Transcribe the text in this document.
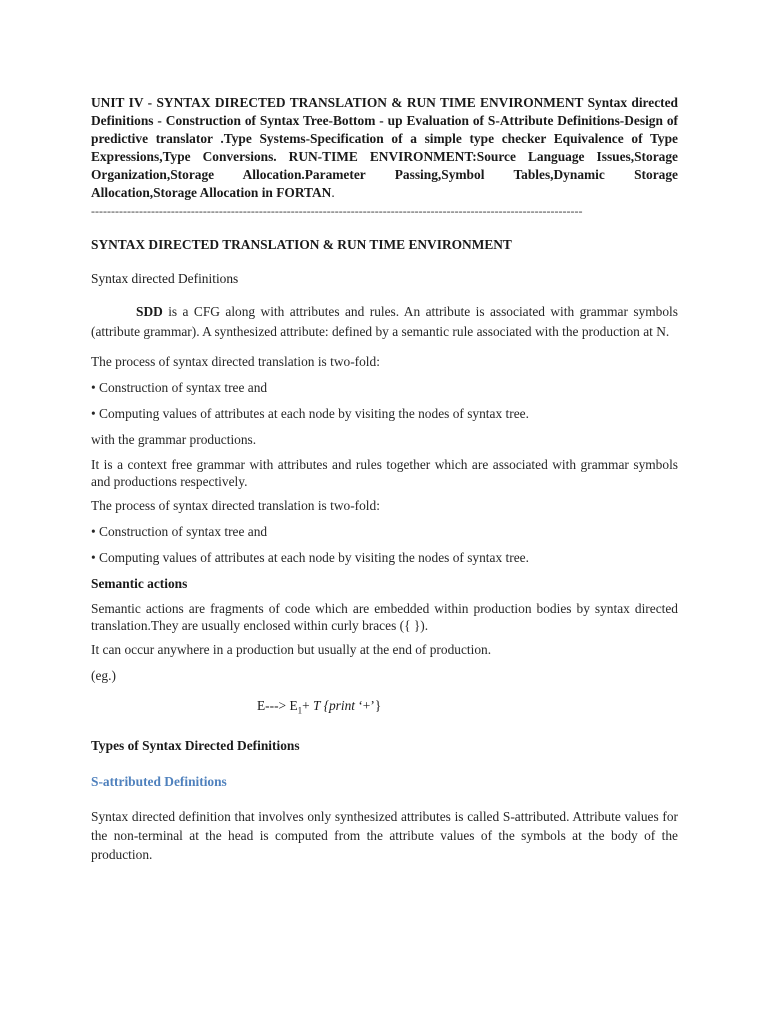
UNIT IV - SYNTAX DIRECTED TRANSLATION & RUN TIME ENVIRONMENT Syntax directed Definitions - Construction of Syntax Tree-Bottom - up Evaluation of S-Attribute Definitions-Design of predictive translator .Type Systems-Specification of a simple type checker Equivalence of Type Expressions,Type Conversions. RUN-TIME ENVIRONMENT:Source Language Issues,Storage Organization,Storage Allocation.Parameter Passing,Symbol Tables,Dynamic Storage Allocation,Storage Allocation in FORTAN.

---------------------------------------------------------------------------------------------------------------------------

SYNTAX DIRECTED TRANSLATION & RUN TIME ENVIRONMENT

Syntax directed Definitions

SDD is a CFG along with attributes and rules. An attribute is associated with grammar symbols (attribute grammar). A synthesized attribute: defined by a semantic rule associated with the production at N.

The process of syntax directed translation is two-fold:

• Construction of syntax tree and

• Computing values of attributes at each node by visiting the nodes of syntax tree.

with the grammar productions.

It is a context free grammar with attributes and rules together which are associated with grammar symbols and productions respectively.

The process of syntax directed translation is two-fold:

• Construction of syntax tree and

• Computing values of attributes at each node by visiting the nodes of syntax tree.

Semantic actions

Semantic actions are fragments of code which are embedded within production bodies by syntax directed translation.They are usually enclosed within curly braces ({ }).

It can occur anywhere in a production but usually at the end of production.

(eg.)

$E---> E_1+ T$ {print ‘+’}

Types of Syntax Directed Definitions

S-attributed Definitions

Syntax directed definition that involves only synthesized attributes is called S-attributed. Attribute values for the non-terminal at the head is computed from the attribute values of the symbols at the body of the production.
